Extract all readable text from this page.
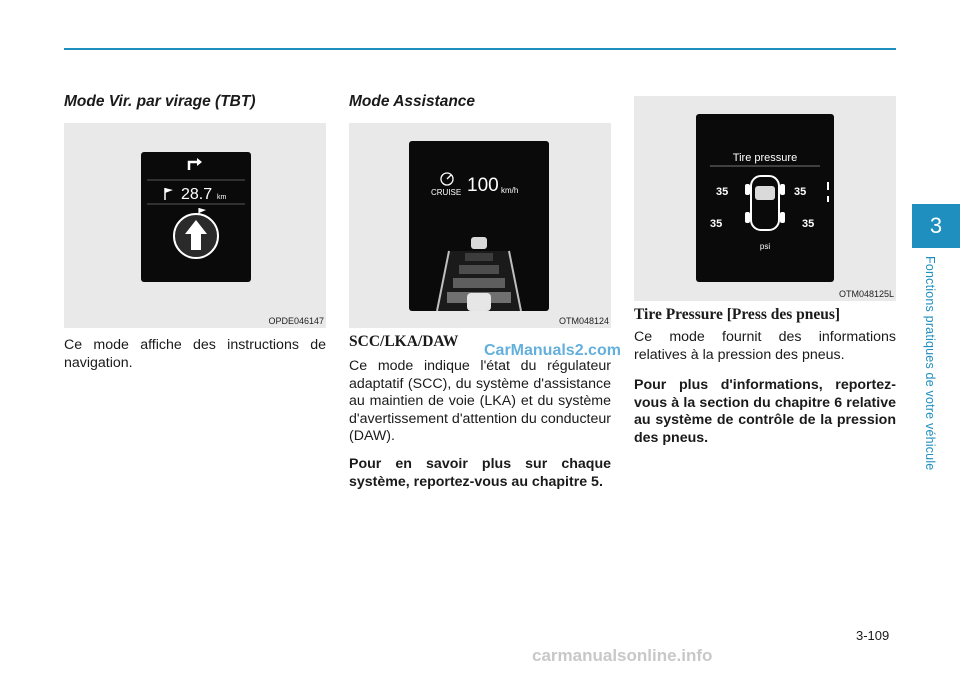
Mode Vir. par virage (TBT)
28.7 km
OPDE046147
Ce mode affiche des instructions de navigation.
Mode Assistance
CRUISE 100 km/h
OTM048124
SCC/LKA/DAW
Ce mode indique l'état du régulateur adaptatif (SCC), du système d'assistance au maintien de voie (LKA) et du système d'avertissement d'attention du conducteur (DAW).
Pour en savoir plus sur chaque système, reportez-vous au chapitre 5.
Tire pressure
35	35
35	35
psi
OTM048125L
Tire Pressure [Press des pneus]
Ce mode fournit des informations relatives à la pression des pneus.
Pour plus d'informations, reportez-vous à la section du chapitre 6 relative au système de contrôle de la pression des pneus.
CarManuals2.com
3
Fonctions pratiques de votre véhicule
3-109
carmanualsonline.info
